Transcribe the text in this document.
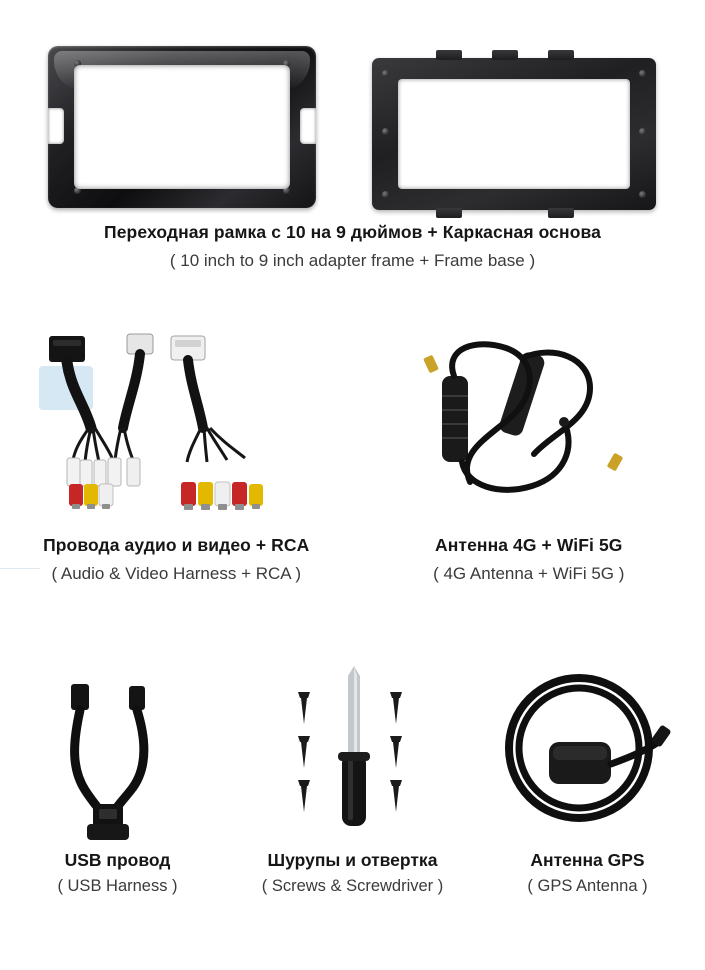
Переходная рамка с 10 на 9 дюймов + Каркасная основа
( 10 inch to 9 inch adapter frame + Frame base )
Провода аудио и видео + RCA
( Audio & Video Harness + RCA )
Антенна 4G + WiFi 5G
( 4G Antenna + WiFi 5G )
USB провод
( USB Harness )
Шурупы и отвертка
( Screws & Screwdriver )
Антенна GPS
( GPS Antenna )
